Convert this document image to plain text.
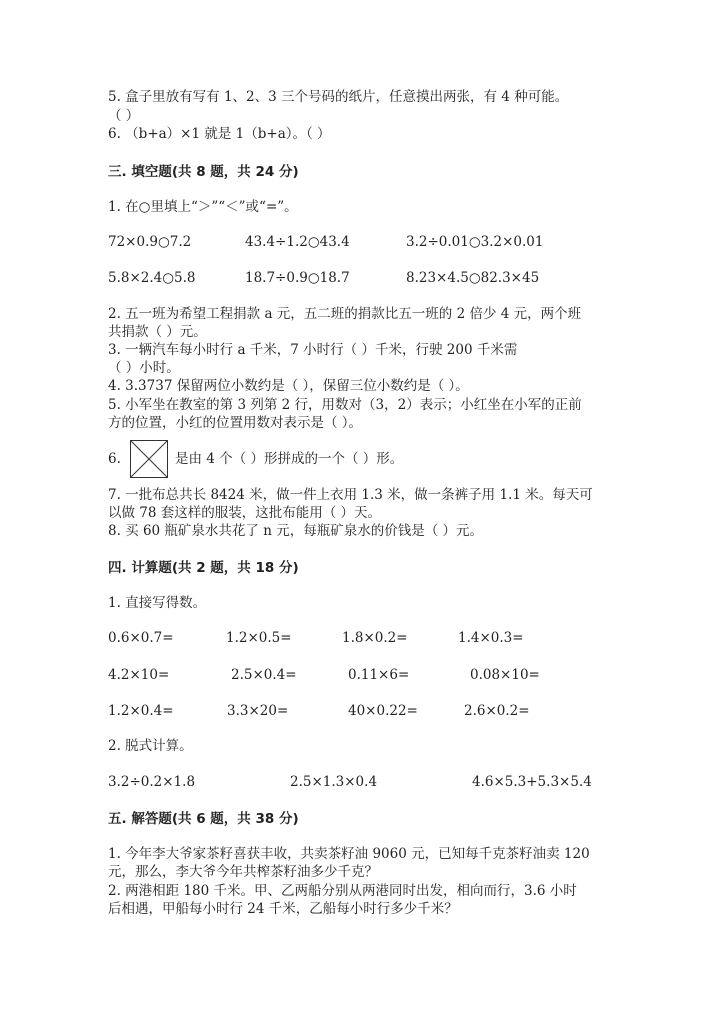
5. 盒子里放有写有 1、2、3 三个号码的纸片，任意摸出两张，有 4 种可能。
（ ）
6. （b+a）×1 就是 1（b+a）。（ ）
三. 填空题(共 8 题，共 24 分)
1. 在○里填上“＞”“＜”或“=”。
72×0.9○7.2	43.4÷1.2○43.4	3.2÷0.01○3.2×0.01
5.8×2.4○5.8	18.7÷0.9○18.7	8.23×4.5○82.3×45
2. 五一班为希望工程捐款 a 元，五二班的捐款比五一班的 2 倍少 4 元，两个班
共捐款（ ）元。
3. 一辆汽车每小时行 a 千米，7 小时行（ ）千米，行驶 200 千米需
（ ）小时。
4. 3.3737 保留两位小数约是（ ），保留三位小数约是（ ）。
5. 小军坐在教室的第 3 列第 2 行，用数对（3，2）表示；小红坐在小军的正前
方的位置，小红的位置用数对表示是（ ）。
6.	是由 4 个（ ）形拼成的一个（ ）形。
7. 一批布总共长 8424 米，做一件上衣用 1.3 米，做一条裤子用 1.1 米。每天可
以做 78 套这样的服装，这批布能用（ ）天。
8. 买 60 瓶矿泉水共花了 n 元，每瓶矿泉水的价钱是（ ）元。
四. 计算题(共 2 题，共 18 分)
1. 直接写得数。
0.6×0.7=	1.2×0.5=	1.8×0.2=	1.4×0.3=
4.2×10=	2.5×0.4=	0.11×6=	0.08×10=
1.2×0.4=	3.3×20=	40×0.22=	2.6×0.2=
2. 脱式计算。
3.2÷0.2×1.8	2.5×1.3×0.4	4.6×5.3+5.3×5.4
五. 解答题(共 6 题，共 38 分)
1. 今年李大爷家茶籽喜获丰收，共卖茶籽油 9060 元，已知每千克茶籽油卖 120
元，那么，李大爷今年共榨茶籽油多少千克？
2. 两港相距 180 千米。甲、乙两船分别从两港同时出发，相向而行，3.6 小时
后相遇，甲船每小时行 24 千米，乙船每小时行多少千米？
